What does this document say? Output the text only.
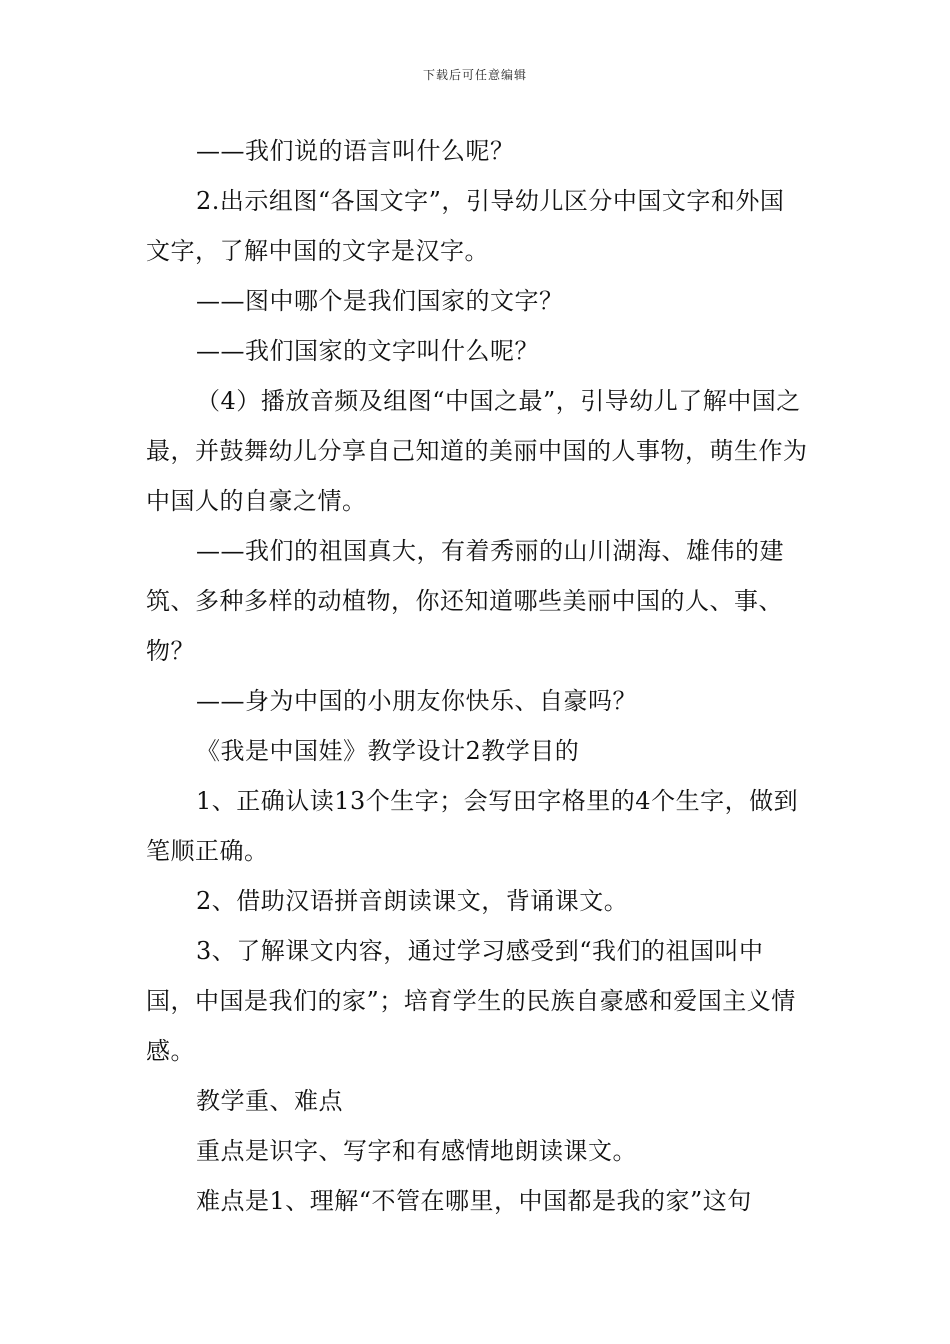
下载后可任意编辑

——我们说的语言叫什么呢？

2.出示组图“各国文字”，引导幼儿区分中国文字和外国文字，了解中国的文字是汉字。

——图中哪个是我们国家的文字？

——我们国家的文字叫什么呢？

（4）播放音频及组图“中国之最”，引导幼儿了解中国之最，并鼓舞幼儿分享自己知道的美丽中国的人事物，萌生作为中国人的自豪之情。

——我们的祖国真大，有着秀丽的山川湖海、雄伟的建筑、多种多样的动植物，你还知道哪些美丽中国的人、事、物？

——身为中国的小朋友你快乐、自豪吗？

《我是中国娃》教学设计2教学目的

1、正确认读13个生字；会写田字格里的4个生字，做到笔顺正确。

2、借助汉语拼音朗读课文，背诵课文。

3、了解课文内容，通过学习感受到“我们的祖国叫中国，中国是我们的家”；培育学生的民族自豪感和爱国主义情感。

教学重、难点

重点是识字、写字和有感情地朗读课文。

难点是1、理解“不管在哪里，中国都是我的家”这句
